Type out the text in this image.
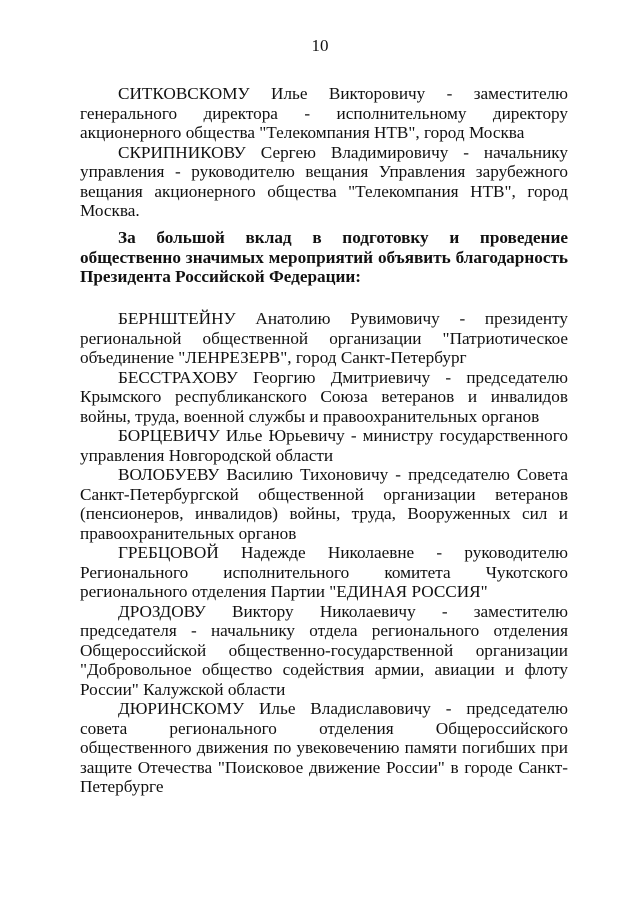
10

СИТКОВСКОМУ Илье Викторовичу - заместителю генерального директора - исполнительному директору акционерного общества "Телекомпания НТВ", город Москва

СКРИПНИКОВУ Сергею Владимировичу - начальнику управления - руководителю вещания Управления зарубежного вещания акционерного общества "Телекомпания НТВ", город Москва.

За большой вклад в подготовку и проведение общественно значимых мероприятий объявить благодарность Президента Российской Федерации:

БЕРНШТЕЙНУ Анатолию Рувимовичу - президенту региональной общественной организации "Патриотическое объединение "ЛЕНРЕЗЕРВ", город Санкт-Петербург

БЕССТРАХОВУ Георгию Дмитриевичу - председателю Крымского республиканского Союза ветеранов и инвалидов войны, труда, военной службы и правоохранительных органов

БОРЦЕВИЧУ Илье Юрьевичу - министру государственного управления Новгородской области

ВОЛОБУЕВУ Василию Тихоновичу - председателю Совета Санкт-Петербургской общественной организации ветеранов (пенсионеров, инвалидов) войны, труда, Вооруженных сил и правоохранительных органов

ГРЕБЦОВОЙ Надежде Николаевне - руководителю Регионального исполнительного комитета Чукотского регионального отделения Партии "ЕДИНАЯ РОССИЯ"

ДРОЗДОВУ Виктору Николаевичу - заместителю председателя - начальнику отдела регионального отделения Общероссийской общественно-государственной организации "Добровольное общество содействия армии, авиации и флоту России" Калужской области

ДЮРИНСКОМУ Илье Владиславовичу - председателю совета регионального отделения Общероссийского общественного движения по увековечению памяти погибших при защите Отечества "Поисковое движение России" в городе Санкт-Петербурге
